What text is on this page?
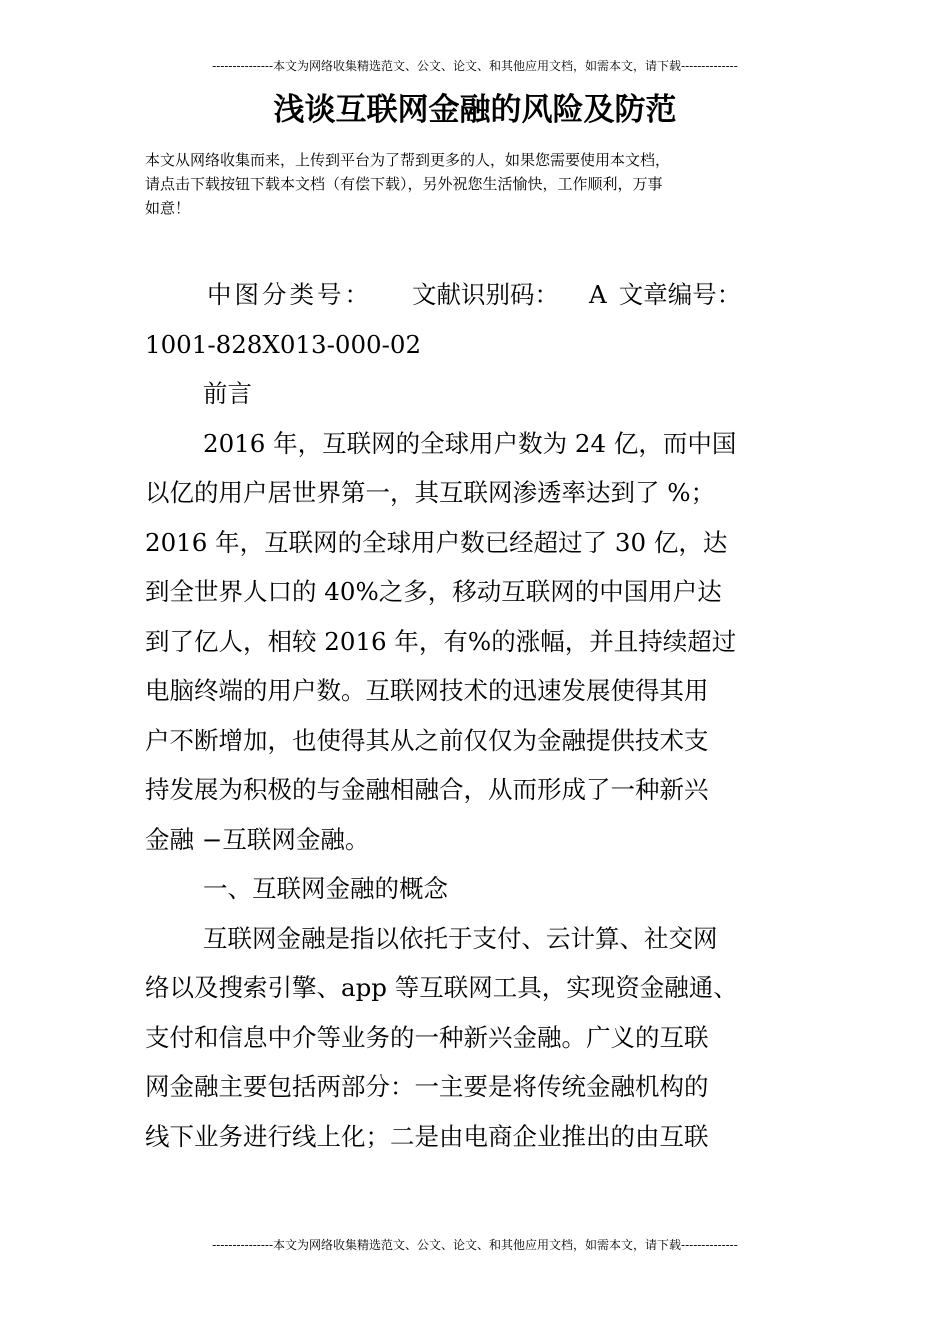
---------------本文为网络收集精选范文、公文、论文、和其他应用文档，如需本文，请下载--------------
浅谈互联网金融的风险及防范

本文从网络收集而来，上传到平台为了帮到更多的人，如果您需要使用本文档，

请点击下载按钮下载本文档（有偿下载），另外祝您生活愉快，工作顺利，万事

如意！

中图分类号： 文献识别码： A 文章编号：

1001-828X013-000-02

前言

2016 年，互联网的全球用户数为 24 亿，而中国

以亿的用户居世界第一，其互联网渗透率达到了 %；

2016 年，互联网的全球用户数已经超过了 30 亿，达

到全世界人口的 40%之多，移动互联网的中国用户达

到了亿人，相较 2016 年，有%的涨幅，并且持续超过

电脑终端的用户数。互联网技术的迅速发展使得其用

户不断增加，也使得其从之前仅仅为金融提供技术支

持发展为积极的与金融相融合，从而形成了一种新兴

金融 −互联网金融。

一、互联网金融的概念

互联网金融是指以依托于支付、云计算、社交网

络以及搜索引擎、app 等互联网工具，实现资金融通、

支付和信息中介等业务的一种新兴金融。广义的互联

网金融主要包括两部分：一主要是将传统金融机构的

线下业务进行线上化；二是由电商企业推出的由互联

---------------本文为网络收集精选范文、公文、论文、和其他应用文档，如需本文，请下载--------------
